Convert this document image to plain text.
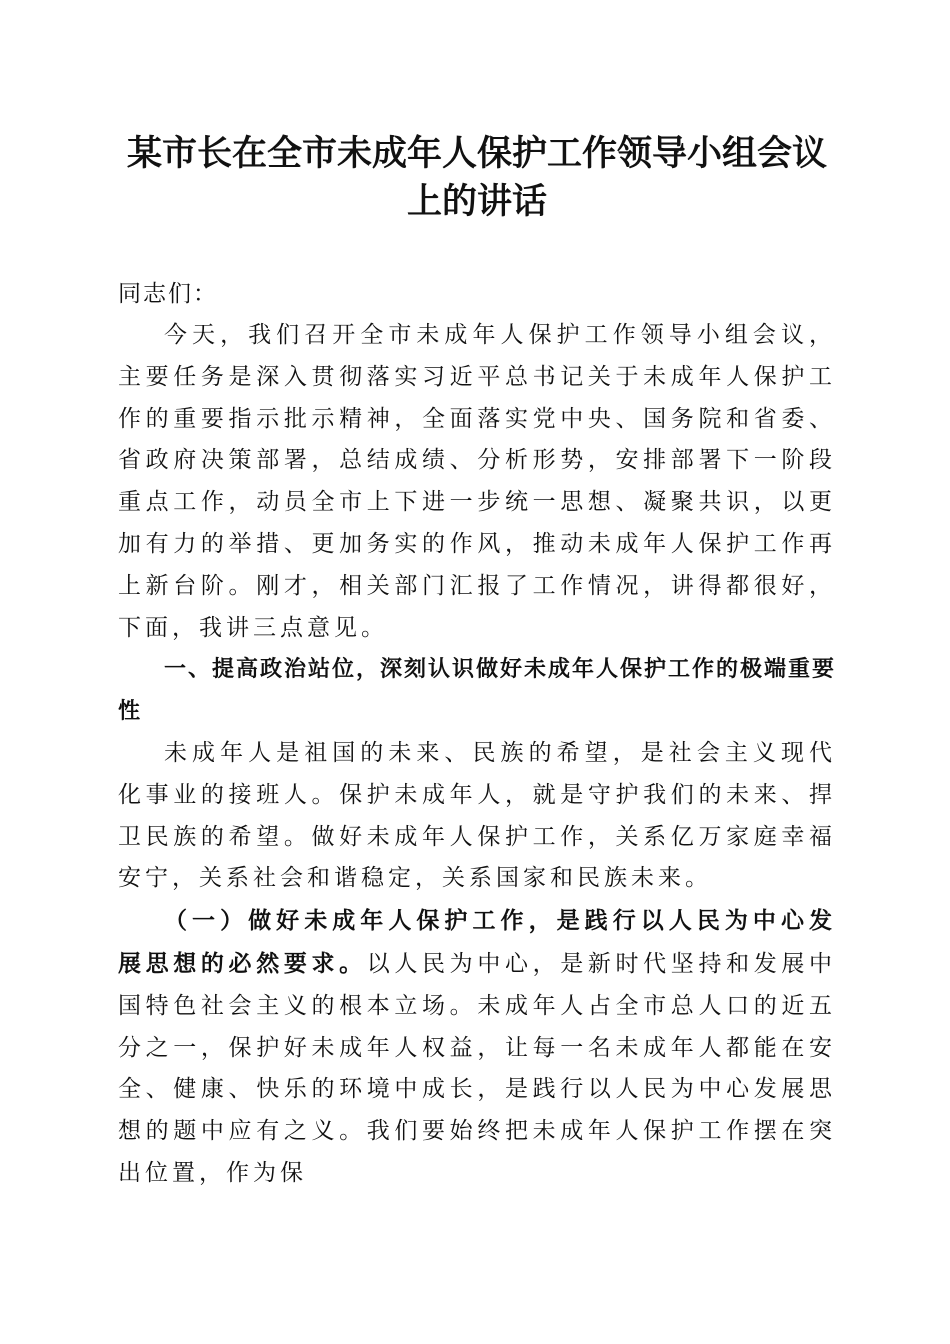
某市长在全市未成年人保护工作领导小组会议
上的讲话

同志们：

今天，我们召开全市未成年人保护工作领导小组会议，主要任务是深入贯彻落实习近平总书记关于未成年人保护工作的重要指示批示精神，全面落实党中央、国务院和省委、省政府决策部署，总结成绩、分析形势，安排部署下一阶段重点工作，动员全市上下进一步统一思想、凝聚共识，以更加有力的举措、更加务实的作风，推动未成年人保护工作再上新台阶。刚才，相关部门汇报了工作情况，讲得都很好，下面，我讲三点意见。

一、提高政治站位，深刻认识做好未成年人保护工作的极端重要性

未成年人是祖国的未来、民族的希望，是社会主义现代化事业的接班人。保护未成年人，就是守护我们的未来、捍卫民族的希望。做好未成年人保护工作，关系亿万家庭幸福安宁，关系社会和谐稳定，关系国家和民族未来。

（一）做好未成年人保护工作，是践行以人民为中心发展思想的必然要求。以人民为中心，是新时代坚持和发展中国特色社会主义的根本立场。未成年人占全市总人口的近五分之一，保护好未成年人权益，让每一名未成年人都能在安全、健康、快乐的环境中成长，是践行以人民为中心发展思想的题中应有之义。我们要始终把未成年人保护工作摆在突出位置，作为保
